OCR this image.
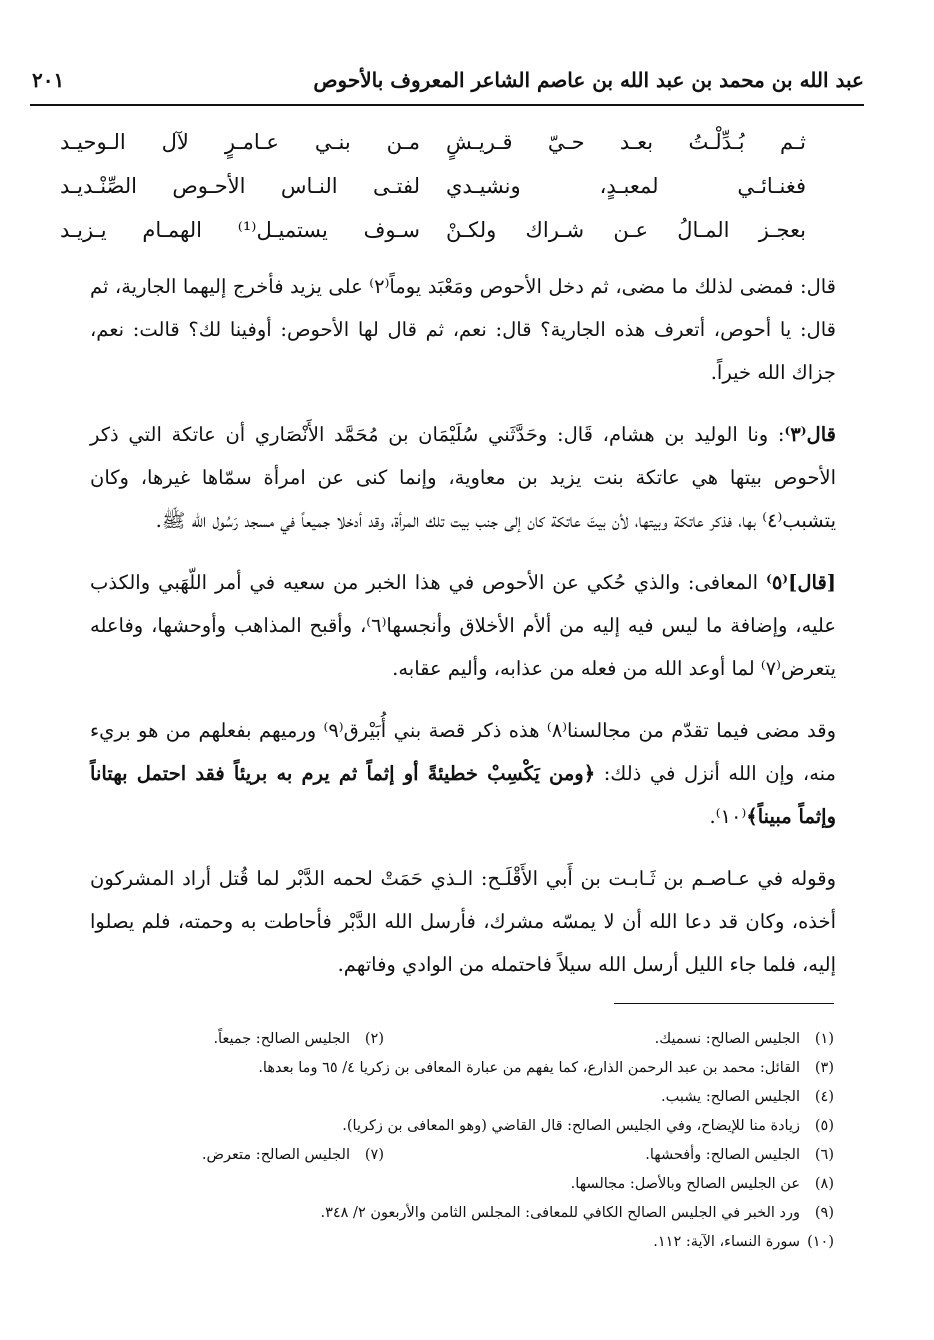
عبد الله بن محمد بن عبد الله بن عاصم الشاعر المعروف بالأحوص
٢٠١
ثـم بُـدِّلْـتُ بعـد حـيّ قـريـشٍ
مـن بنـي عـامـرٍ لآل الـوحيـد
فغنـائـي لمعبـدٍ، ونشيـدي
لفتـى النـاس الأحـوص الصِّنْـديـد
بعجـز المـالُ عـن شـراك ولكـنْ
سـوف يستميـل⁽¹⁾ الهمـام يـزيـد

قال: فمضى لذلك ما مضى، ثم دخل الأحوص ومَعْبَد يوماً⁽٢⁾ على يزيد فأخرج إليهما الجارية، ثم قال: يا أحوص، أتعرف هذه الجارية؟ قال: نعم، ثم قال لها الأحوص: أوفينا لك؟ قالت: نعم، جزاك الله خيراً.

قال⁽٣⁾: ونا الوليد بن هشام، قَال: وحَدَّثَني سُلَيْمَان بن مُحَمَّد الأَنْصَاري أن عاتكة التي ذكر الأحوص بيتها هي عاتكة بنت يزيد بن معاوية، وإنما كنى عن امرأة سمّاها غيرها، وكان يتشبب⁽٤⁾ بها، فذكر عاتكة وبيتها، لأن بيتَ عاتكة كان إلى جنب بيت تلك المرأة، وقد أدخلا جميعاً في مسجد رَسُول الله ﷺ.

[قال]⁽٥⁾ المعافى: والذي حُكي عن الأحوص في هذا الخبر من سعيه في أمر اللّهَبي والكذب عليه، وإضافة ما ليس فيه إليه من ألأم الأخلاق وأنجسها⁽٦⁾، وأقبح المذاهب وأوحشها، وفاعله يتعرض⁽٧⁾ لما أوعد الله من فعله من عذابه، وأليم عقابه.

وقد مضى فيما تقدّم من مجالسنا⁽٨⁾ هذه ذكر قصة بني أُبَيْرق⁽٩⁾ ورميهم بفعلهم من هو بريء منه، وإن الله أنزل في ذلك: ﴿ومن يَكْسِبْ خطيئةً أو إثماً ثم يرم به بريئاً فقد احتمل بهتاناً وإثماً مبيناً﴾⁽١٠⁾.

وقوله في عـاصـم بن ثَـابـت بن أَبي الأَقْلَـح: الـذي حَمَتْ لحمه الدَّبْر لما قُتل أراد المشركون أخذه، وكان قد دعا الله أن لا يمسّه مشرك، فأرسل الله الدَّبْر فأحاطت به وحمته، فلم يصلوا إليه، فلما جاء الليل أرسل الله سيلاً فاحتمله من الوادي وفاتهم.

(١)الجليس الصالح: نسميك.
(٢)الجليس الصالح: جميعاً.
(٣)القائل: محمد بن عبد الرحمن الذارع، كما يفهم من عبارة المعافى بن زكريا ٤/ ٦٥ وما بعدها.
(٤)الجليس الصالح: يشبب.
(٥)زيادة منا للإيضاح، وفي الجليس الصالح: قال القاضي (وهو المعافى بن زكريا).
(٦)الجليس الصالح: وأفحشها.
(٧)الجليس الصالح: متعرض.
(٨)عن الجليس الصالح وبالأصل: مجالسها.
(٩)ورد الخبر في الجليس الصالح الكافي للمعافى: المجلس الثامن والأربعون ٢/ ٣٤٨.
(١٠)سورة النساء، الآية: ١١٢.
